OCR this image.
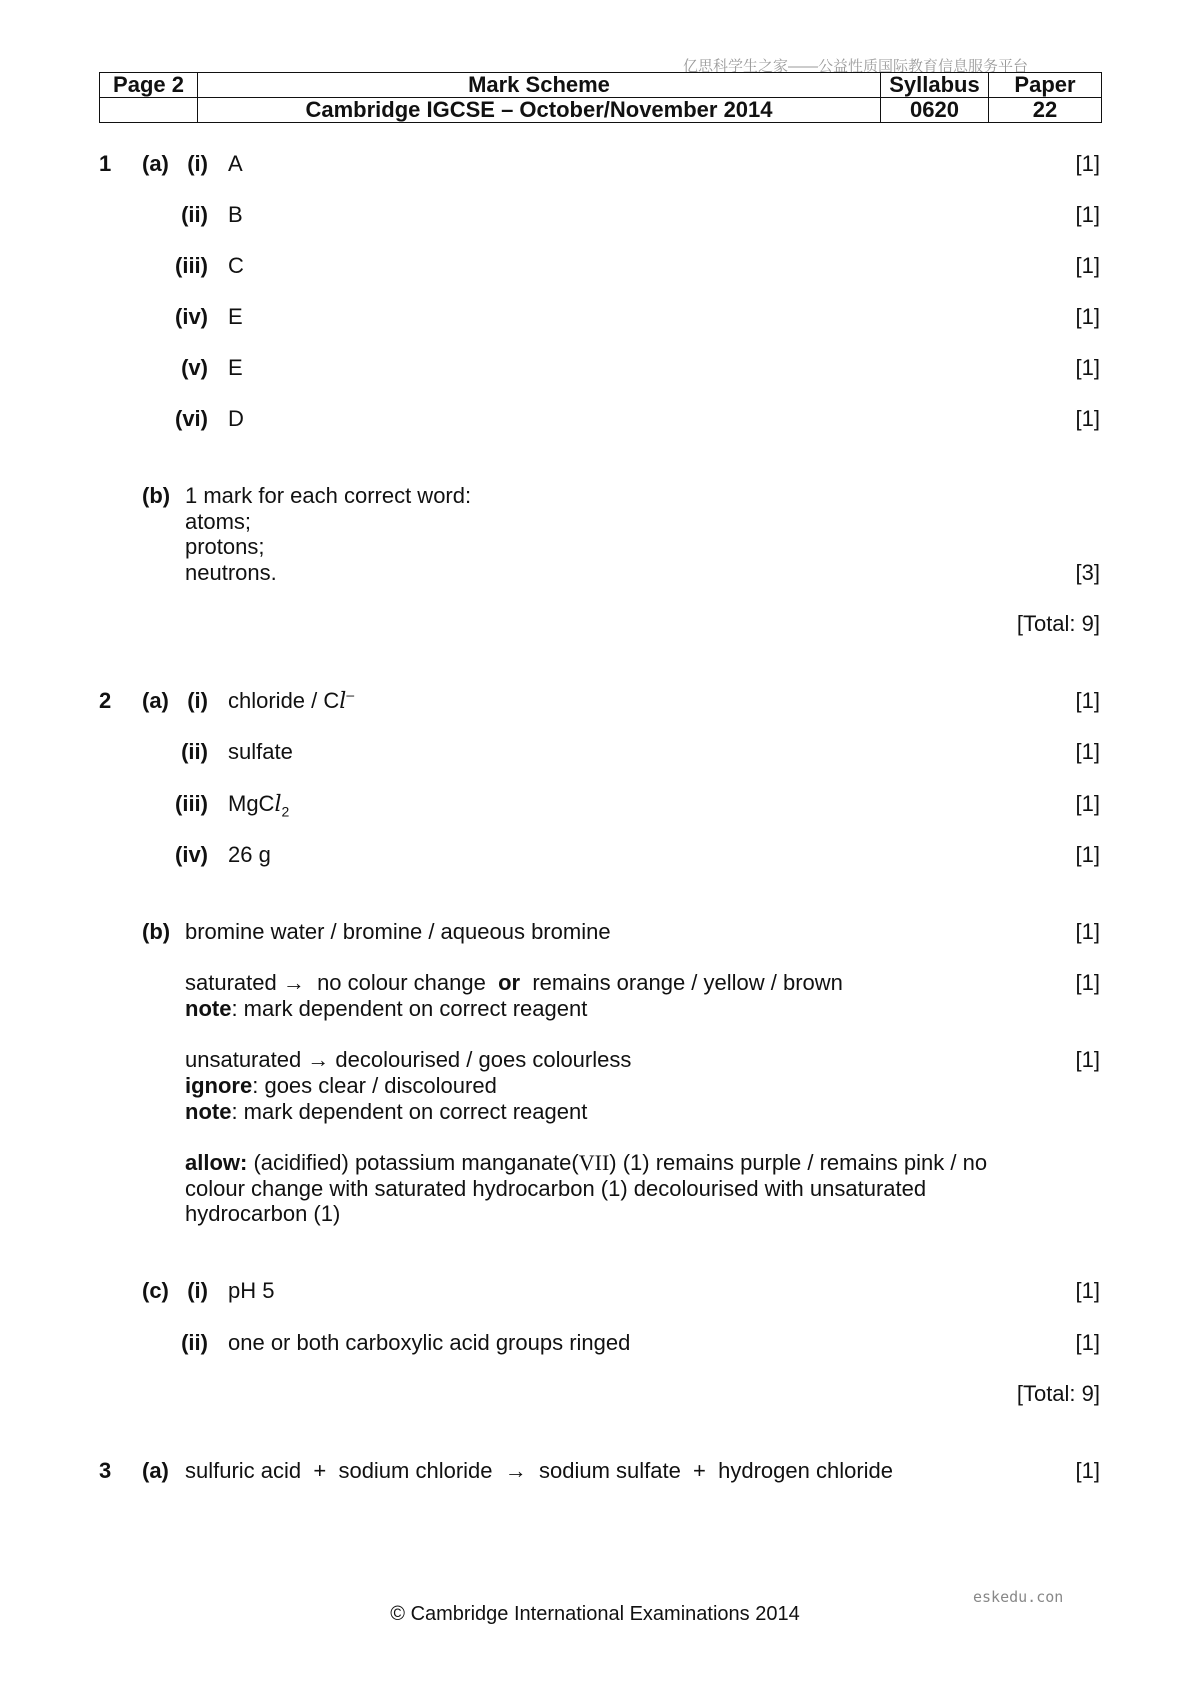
亿思科学生之家——公益性质国际教育信息服务平台
Page 2	Mark Scheme	Syllabus	Paper
	Cambridge IGCSE – October/November 2014	0620	22
1 (a) (i) A	[1]
(ii) B	[1]
(iii) C	[1]
(iv) E	[1]
(v) E	[1]
(vi) D	[1]
(b) 1 mark for each correct word:
atoms;
protons;
neutrons.	[3]
[Total: 9]
2 (a) (i) chloride / Cl–	[1]
(ii) sulfate	[1]
(iii) MgCl$_2$	[1]
(iv) 26 g	[1]
(b) bromine water / bromine / aqueous bromine	[1]
saturated →  no colour change  or  remains orange / yellow / brown	[1]
note: mark dependent on correct reagent
unsaturated → decolourised / goes colourless	[1]
ignore: goes clear / discoloured
note: mark dependent on correct reagent
allow: (acidified) potassium manganate(VII) (1) remains purple / remains pink / no
colour change with saturated hydrocarbon (1) decolourised with unsaturated
hydrocarbon (1)
(c) (i) pH 5	[1]
(ii) one or both carboxylic acid groups ringed	[1]
[Total: 9]
3 (a) sulfuric acid  +  sodium chloride  →  sodium sulfate  +  hydrogen chloride	[1]
eskedu.con
© Cambridge International Examinations 2014
